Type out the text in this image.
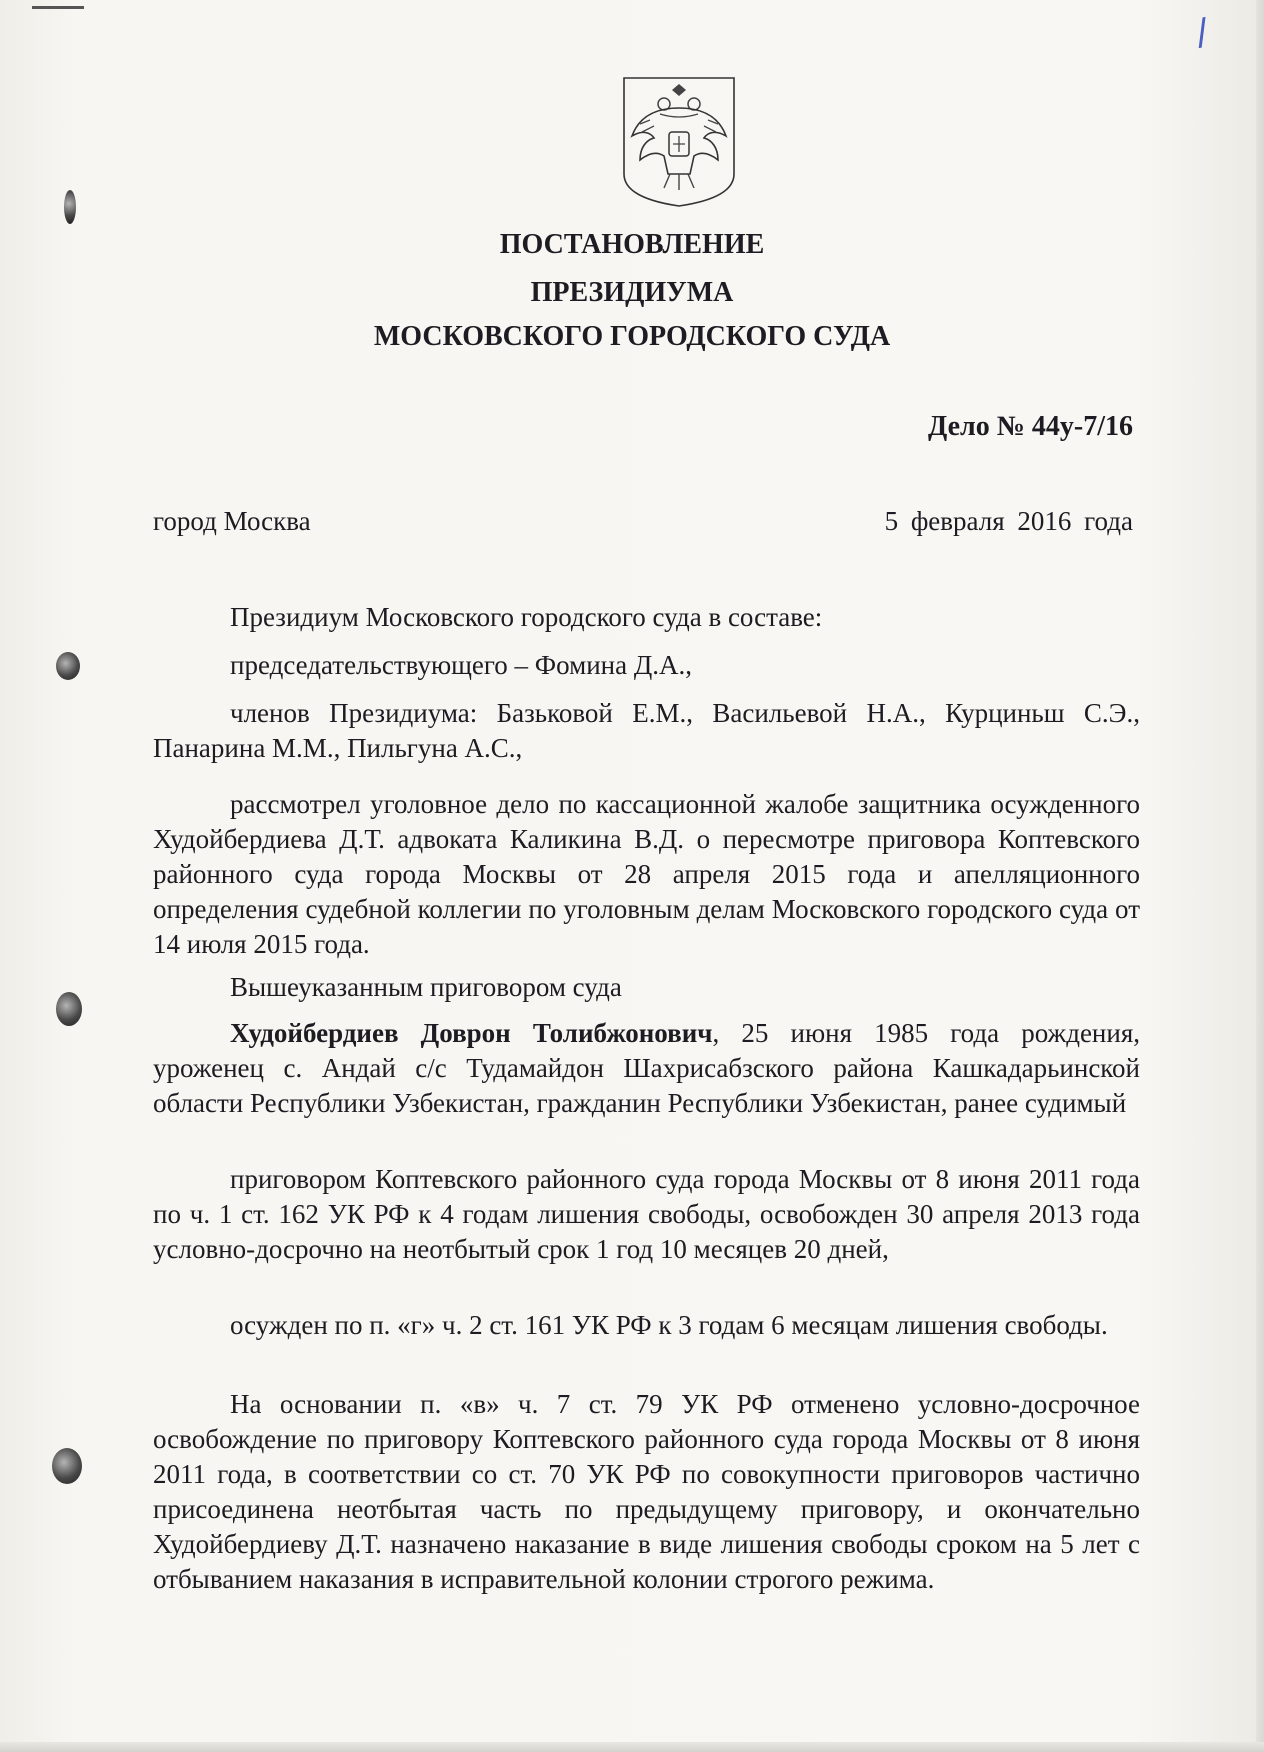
/
ПОСТАНОВЛЕНИЕ
ПРЕЗИДИУМА
МОСКОВСКОГО ГОРОДСКОГО СУДА
Дело № 44у-7/16
город Москва	5 февраля 2016 года

Президиум Московского городского суда в составе:

председательствующего – Фомина Д.А.,

членов Президиума: Базьковой Е.М., Васильевой Н.А., Курциньш С.Э., Панарина М.М., Пильгуна А.С.,

рассмотрел уголовное дело по кассационной жалобе защитника осужденного Худойбердиева Д.Т. адвоката Каликина В.Д. о пересмотре приговора Коптевского районного суда города Москвы от 28 апреля 2015 года и апелляционного определения судебной коллегии по уголовным делам Московского городского суда от 14 июля 2015 года.

Вышеуказанным приговором суда

Худойбердиев Доврон Толибжонович, 25 июня 1985 года рождения, уроженец с. Андай с/с Тудамайдон Шахрисабзского района Кашкадарьинской области Республики Узбекистан, гражданин Республики Узбекистан, ранее судимый

приговором Коптевского районного суда города Москвы от 8 июня 2011 года по ч. 1 ст. 162 УК РФ к 4 годам лишения свободы, освобожден 30 апреля 2013 года условно-досрочно на неотбытый срок 1 год 10 месяцев 20 дней,

осужден по п. «г» ч. 2 ст. 161 УК РФ к 3 годам 6 месяцам лишения свободы.

На основании п. «в» ч. 7 ст. 79 УК РФ отменено условно-досрочное освобождение по приговору Коптевского районного суда города Москвы от 8 июня 2011 года, в соответствии со ст. 70 УК РФ по совокупности приговоров частично присоединена неотбытая часть по предыдущему приговору, и окончательно Худойбердиеву Д.Т. назначено наказание в виде лишения свободы сроком на 5 лет с отбыванием наказания в исправительной колонии строгого режима.
